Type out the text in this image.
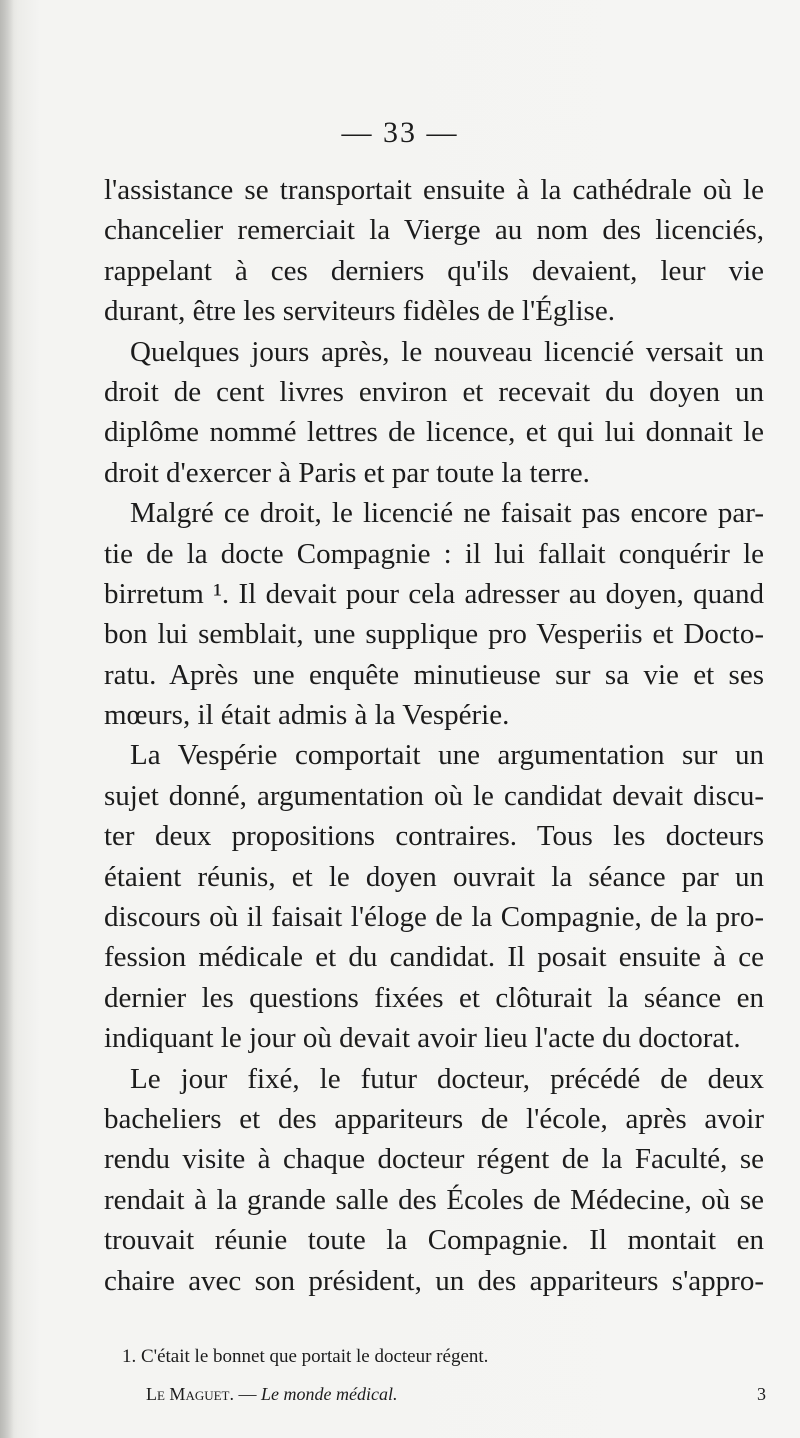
— 33 —
l'assistance se transportait ensuite à la cathédrale où le
chancelier remerciait la Vierge au nom des licenciés,
rappelant à ces derniers qu'ils devaient, leur vie
durant, être les serviteurs fidèles de l'Église.
Quelques jours après, le nouveau licencié versait un
droit de cent livres environ et recevait du doyen un
diplôme nommé lettres de licence, et qui lui donnait le
droit d'exercer à Paris et par toute la terre.
Malgré ce droit, le licencié ne faisait pas encore par-
tie de la docte Compagnie : il lui fallait conquérir le
birretum ¹. Il devait pour cela adresser au doyen, quand
bon lui semblait, une supplique pro Vesperiis et Docto-
ratu. Après une enquête minutieuse sur sa vie et ses
mœurs, il était admis à la Vespérie.
La Vespérie comportait une argumentation sur un
sujet donné, argumentation où le candidat devait discu-
ter deux propositions contraires. Tous les docteurs
étaient réunis, et le doyen ouvrait la séance par un
discours où il faisait l'éloge de la Compagnie, de la pro-
fession médicale et du candidat. Il posait ensuite à ce
dernier les questions fixées et clôturait la séance en
indiquant le jour où devait avoir lieu l'acte du doctorat.
Le jour fixé, le futur docteur, précédé de deux
bacheliers et des appariteurs de l'école, après avoir
rendu visite à chaque docteur régent de la Faculté, se
rendait à la grande salle des Écoles de Médecine, où se
trouvait réunie toute la Compagnie. Il montait en
chaire avec son président, un des appariteurs s'appro-
1. C'était le bonnet que portait le docteur régent.
Le Maguet. — Le monde médical.	3
